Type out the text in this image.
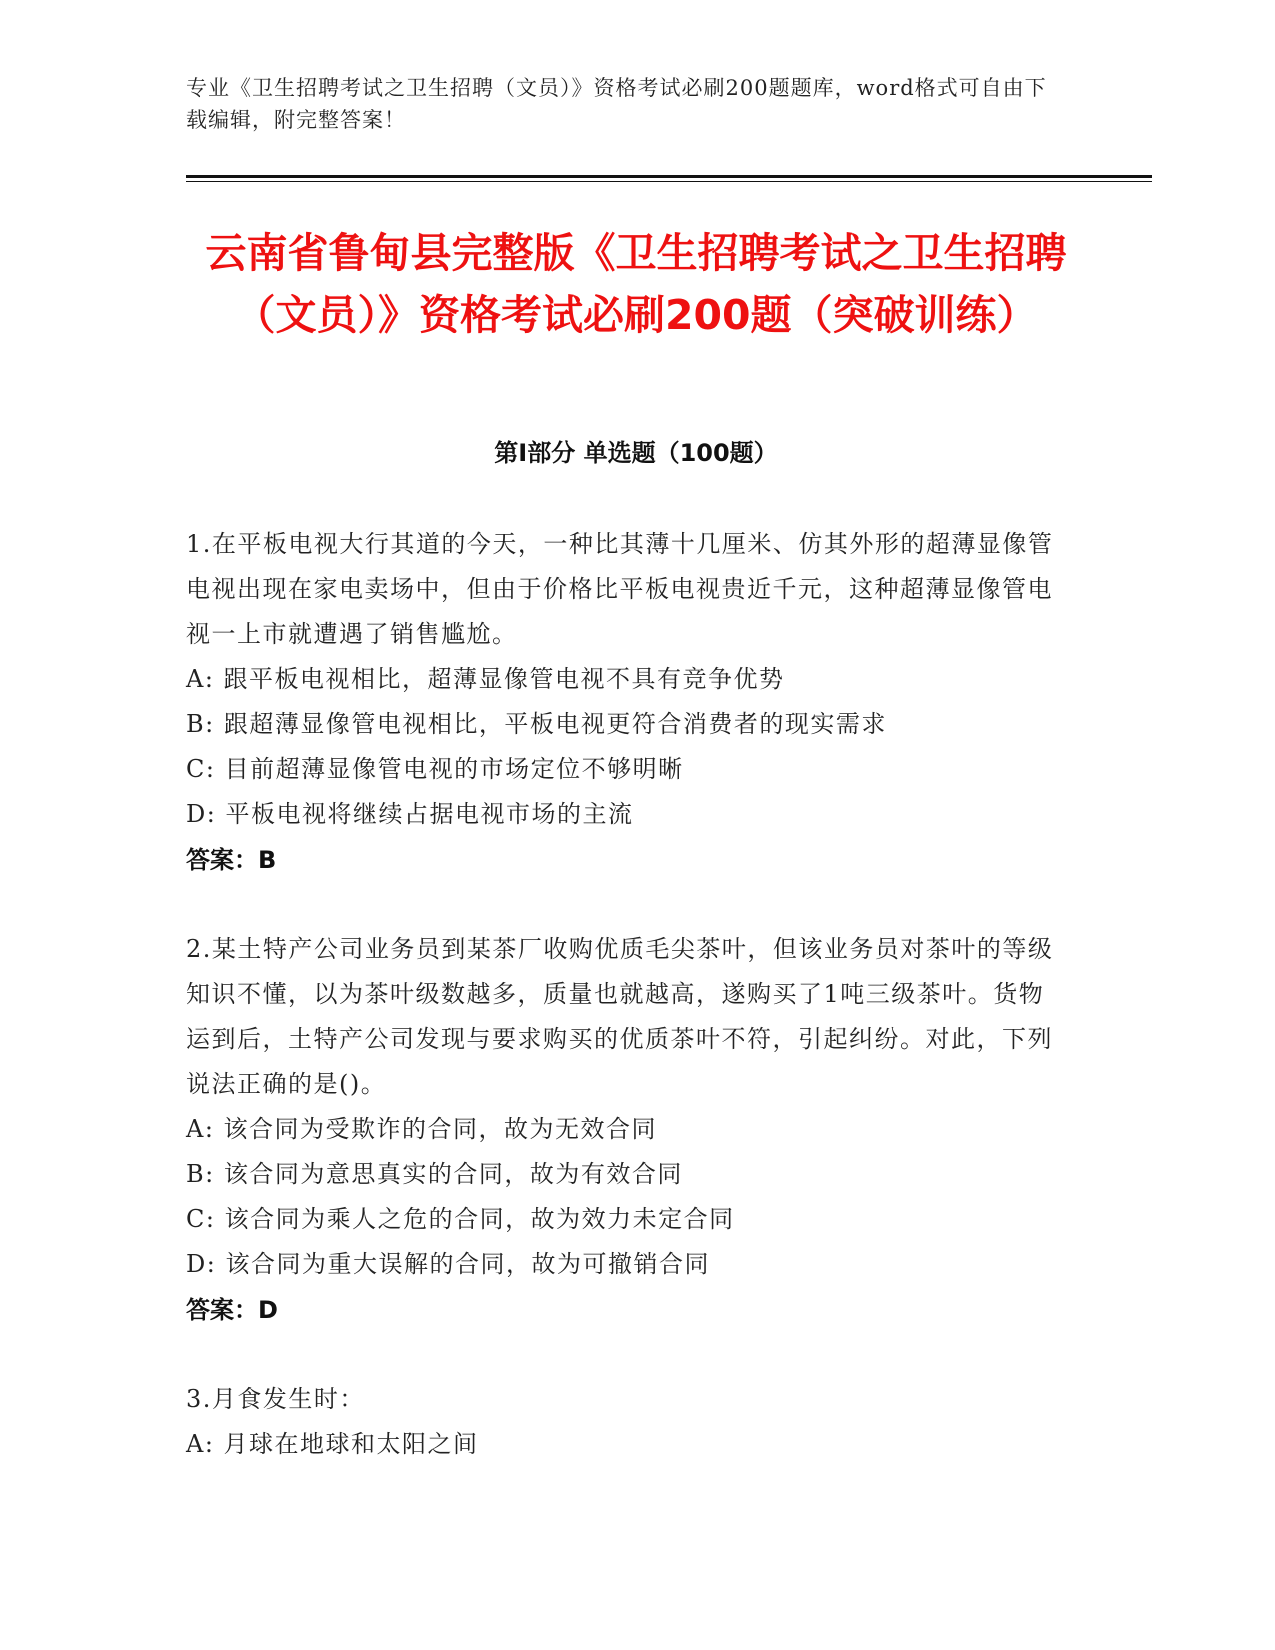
专业《卫生招聘考试之卫生招聘（文员）》资格考试必刷200题题库，word格式可自由下载编辑，附完整答案！
云南省鲁甸县完整版《卫生招聘考试之卫生招聘（文员）》资格考试必刷200题（突破训练）
第Ⅰ部分 单选题（100题）

1.在平板电视大行其道的今天，一种比其薄十几厘米、仿其外形的超薄显像管电视出现在家电卖场中，但由于价格比平板电视贵近千元，这种超薄显像管电视一上市就遭遇了销售尴尬。

A: 跟平板电视相比，超薄显像管电视不具有竞争优势

B: 跟超薄显像管电视相比，平板电视更符合消费者的现实需求

C: 目前超薄显像管电视的市场定位不够明晰

D: 平板电视将继续占据电视市场的主流

答案：B

2.某土特产公司业务员到某茶厂收购优质毛尖茶叶，但该业务员对茶叶的等级知识不懂，以为茶叶级数越多，质量也就越高，遂购买了1吨三级茶叶。货物运到后，土特产公司发现与要求购买的优质茶叶不符，引起纠纷。对此，下列说法正确的是()。

A: 该合同为受欺诈的合同，故为无效合同

B: 该合同为意思真实的合同，故为有效合同

C: 该合同为乘人之危的合同，故为效力未定合同

D: 该合同为重大误解的合同，故为可撤销合同

答案：D

3.月食发生时：

A: 月球在地球和太阳之间
